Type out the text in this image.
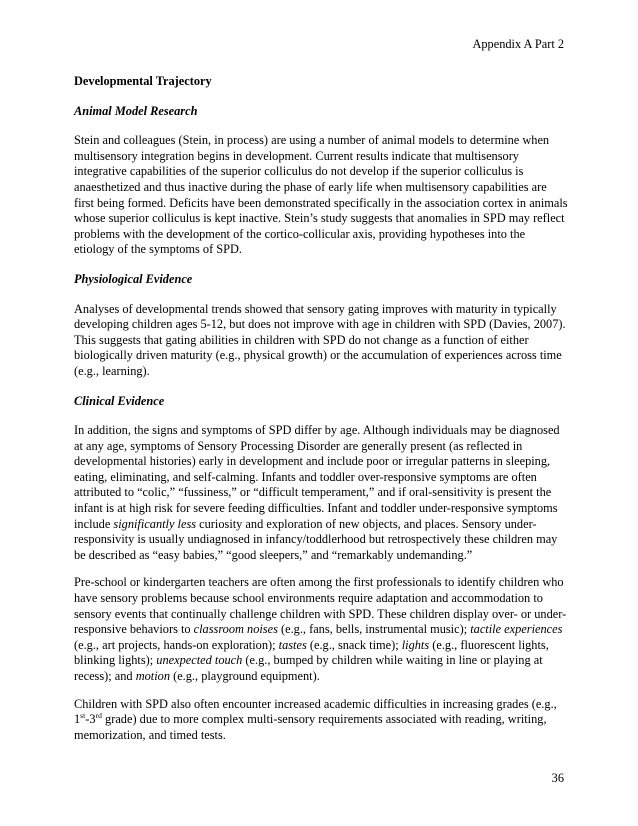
Appendix A Part 2

Developmental Trajectory

Animal Model Research

Stein and colleagues (Stein, in process) are using a number of animal models to determine when multisensory integration begins in development. Current results indicate that multisensory integrative capabilities of the superior colliculus do not develop if the superior colliculus is anaesthetized and thus inactive during the phase of early life when multisensory capabilities are first being formed. Deficits have been demonstrated specifically in the association cortex in animals whose superior colliculus is kept inactive. Stein’s study suggests that anomalies in SPD may reflect problems with the development of the cortico-collicular axis, providing hypotheses into the etiology of the symptoms of SPD.

Physiological Evidence

Analyses of developmental trends showed that sensory gating improves with maturity in typically developing children ages 5-12, but does not improve with age in children with SPD (Davies, 2007). This suggests that gating abilities in children with SPD do not change as a function of either biologically driven maturity (e.g., physical growth) or the accumulation of experiences across time (e.g., learning).

Clinical Evidence

In addition, the signs and symptoms of SPD differ by age. Although individuals may be diagnosed at any age, symptoms of Sensory Processing Disorder are generally present (as reflected in developmental histories) early in development and include poor or irregular patterns in sleeping, eating, eliminating, and self-calming. Infants and toddler over-responsive symptoms are often attributed to “colic,” “fussiness,” or “difficult temperament,” and if oral-sensitivity is present the infant is at high risk for severe feeding difficulties. Infant and toddler under-responsive symptoms include significantly less curiosity and exploration of new objects, and places. Sensory under-responsivity is usually undiagnosed in infancy/toddlerhood but retrospectively these children may be described as “easy babies,” “good sleepers,” and “remarkably undemanding.”

Pre-school or kindergarten teachers are often among the first professionals to identify children who have sensory problems because school environments require adaptation and accommodation to sensory events that continually challenge children with SPD. These children display over- or under-responsive behaviors to classroom noises (e.g., fans, bells, instrumental music); tactile experiences (e.g., art projects, hands-on exploration); tastes (e.g., snack time); lights (e.g., fluorescent lights, blinking lights); unexpected touch (e.g., bumped by children while waiting in line or playing at recess); and motion (e.g., playground equipment).

Children with SPD also often encounter increased academic difficulties in increasing grades (e.g., 1st-3rd grade) due to more complex multi-sensory requirements associated with reading, writing, memorization, and timed tests.

36
